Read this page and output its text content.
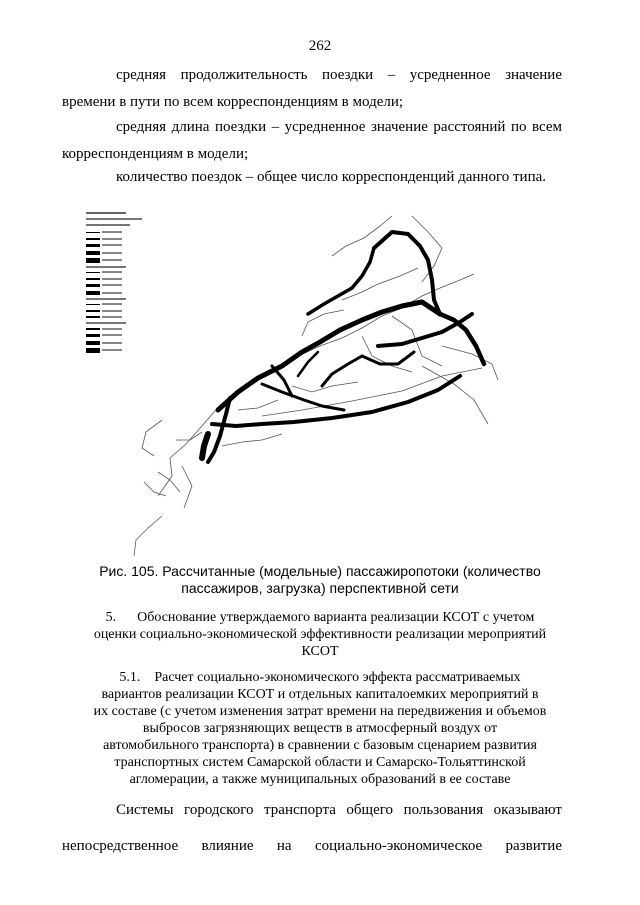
262
средняя продолжительность поездки – усредненное значение
времени в пути по всем корреспонденциям в модели;
средняя длина поездки – усредненное значение расстояний по всем
корреспонденциям в модели;
количество поездок – общее число корреспонденций данного типа.
Рис. 105. Рассчитанные (модельные) пассажиропотоки (количество
пассажиров, загрузка) перспективной сети
5.      Обоснование утверждаемого варианта реализации КСОТ с учетом
оценки социально-экономической эффективности реализации мероприятий
КСОТ
5.1.    Расчет социально-экономического эффекта рассматриваемых
вариантов реализации КСОТ и отдельных капиталоемких мероприятий в
их составе (с учетом изменения затрат времени на передвижения и объемов
выбросов загрязняющих веществ в атмосферный воздух от
автомобильного транспорта) в сравнении с базовым сценарием развития
транспортных систем Самарской области и Самарско-Тольяттинской
агломерации, а также муниципальных образований в ее составе
Системы городского транспорта общего пользования оказывают
непосредственное влияние на социально-экономическое развитие
